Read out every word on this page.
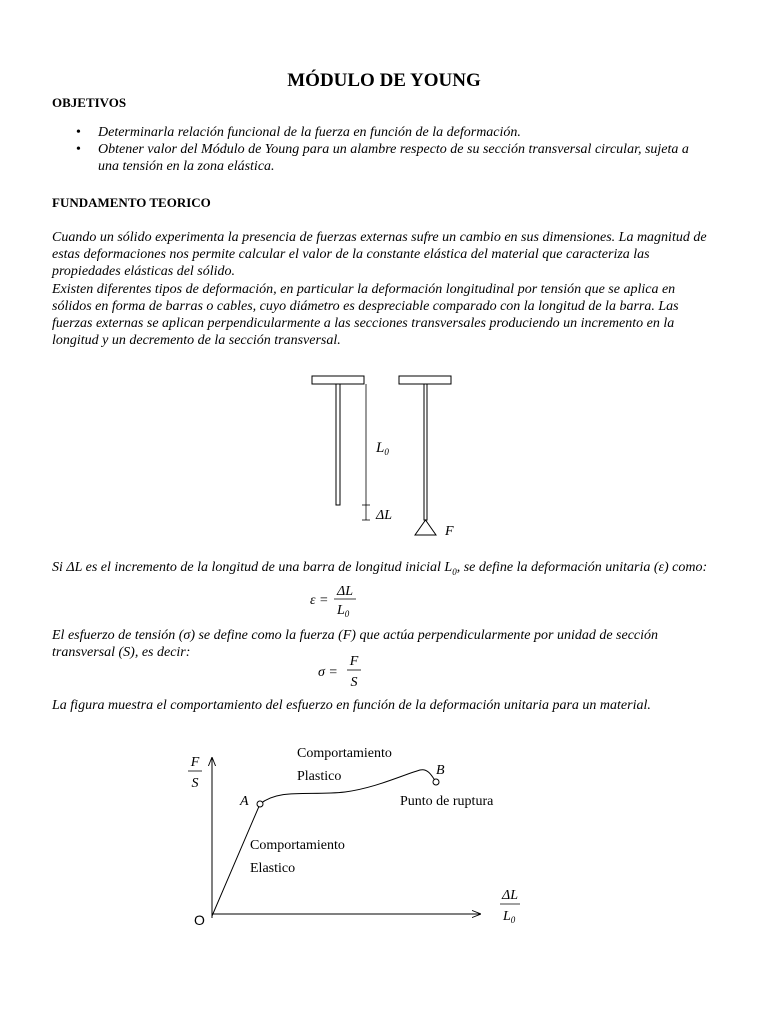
MÓDULO DE YOUNG
OBJETIVOS
• Determinarla relación funcional de la fuerza en función de la deformación.
• Obtener valor del Módulo de Young para un alambre respecto de su sección transversal circular, sujeta a una tensión en la zona elástica.
FUNDAMENTO TEORICO

Cuando un sólido experimenta la presencia de fuerzas externas sufre un cambio en sus dimensiones. La magnitud de estas deformaciones nos permite calcular el valor de la constante elástica del material que caracteriza las propiedades elásticas del sólido.

Existen diferentes tipos de deformación, en particular la deformación longitudinal por tensión que se aplica en sólidos en forma de barras o cables, cuyo diámetro es despreciable comparado con la longitud de la barra. Las fuerzas externas se aplican perpendicularmente a las secciones transversales produciendo un incremento en la longitud y un decremento de la sección transversal.

$L_0$
ΔL
F

Si ΔL es el incremento de la longitud de una barra de longitud inicial $L_0$, se define la deformación unitaria (ε) como:

ε =
ΔL
$L_0$

El esfuerzo de tensión (σ) se define como la fuerza (F) que actúa perpendicularmente por unidad de sección transversal (S), es decir:

σ =
F
S

La figura muestra el comportamiento del esfuerzo en función de la deformación unitaria para un material.

F
S
ΔL
$L_0$
O
A
B
Comportamiento
Plastico
Punto de ruptura
Comportamiento
Elastico
